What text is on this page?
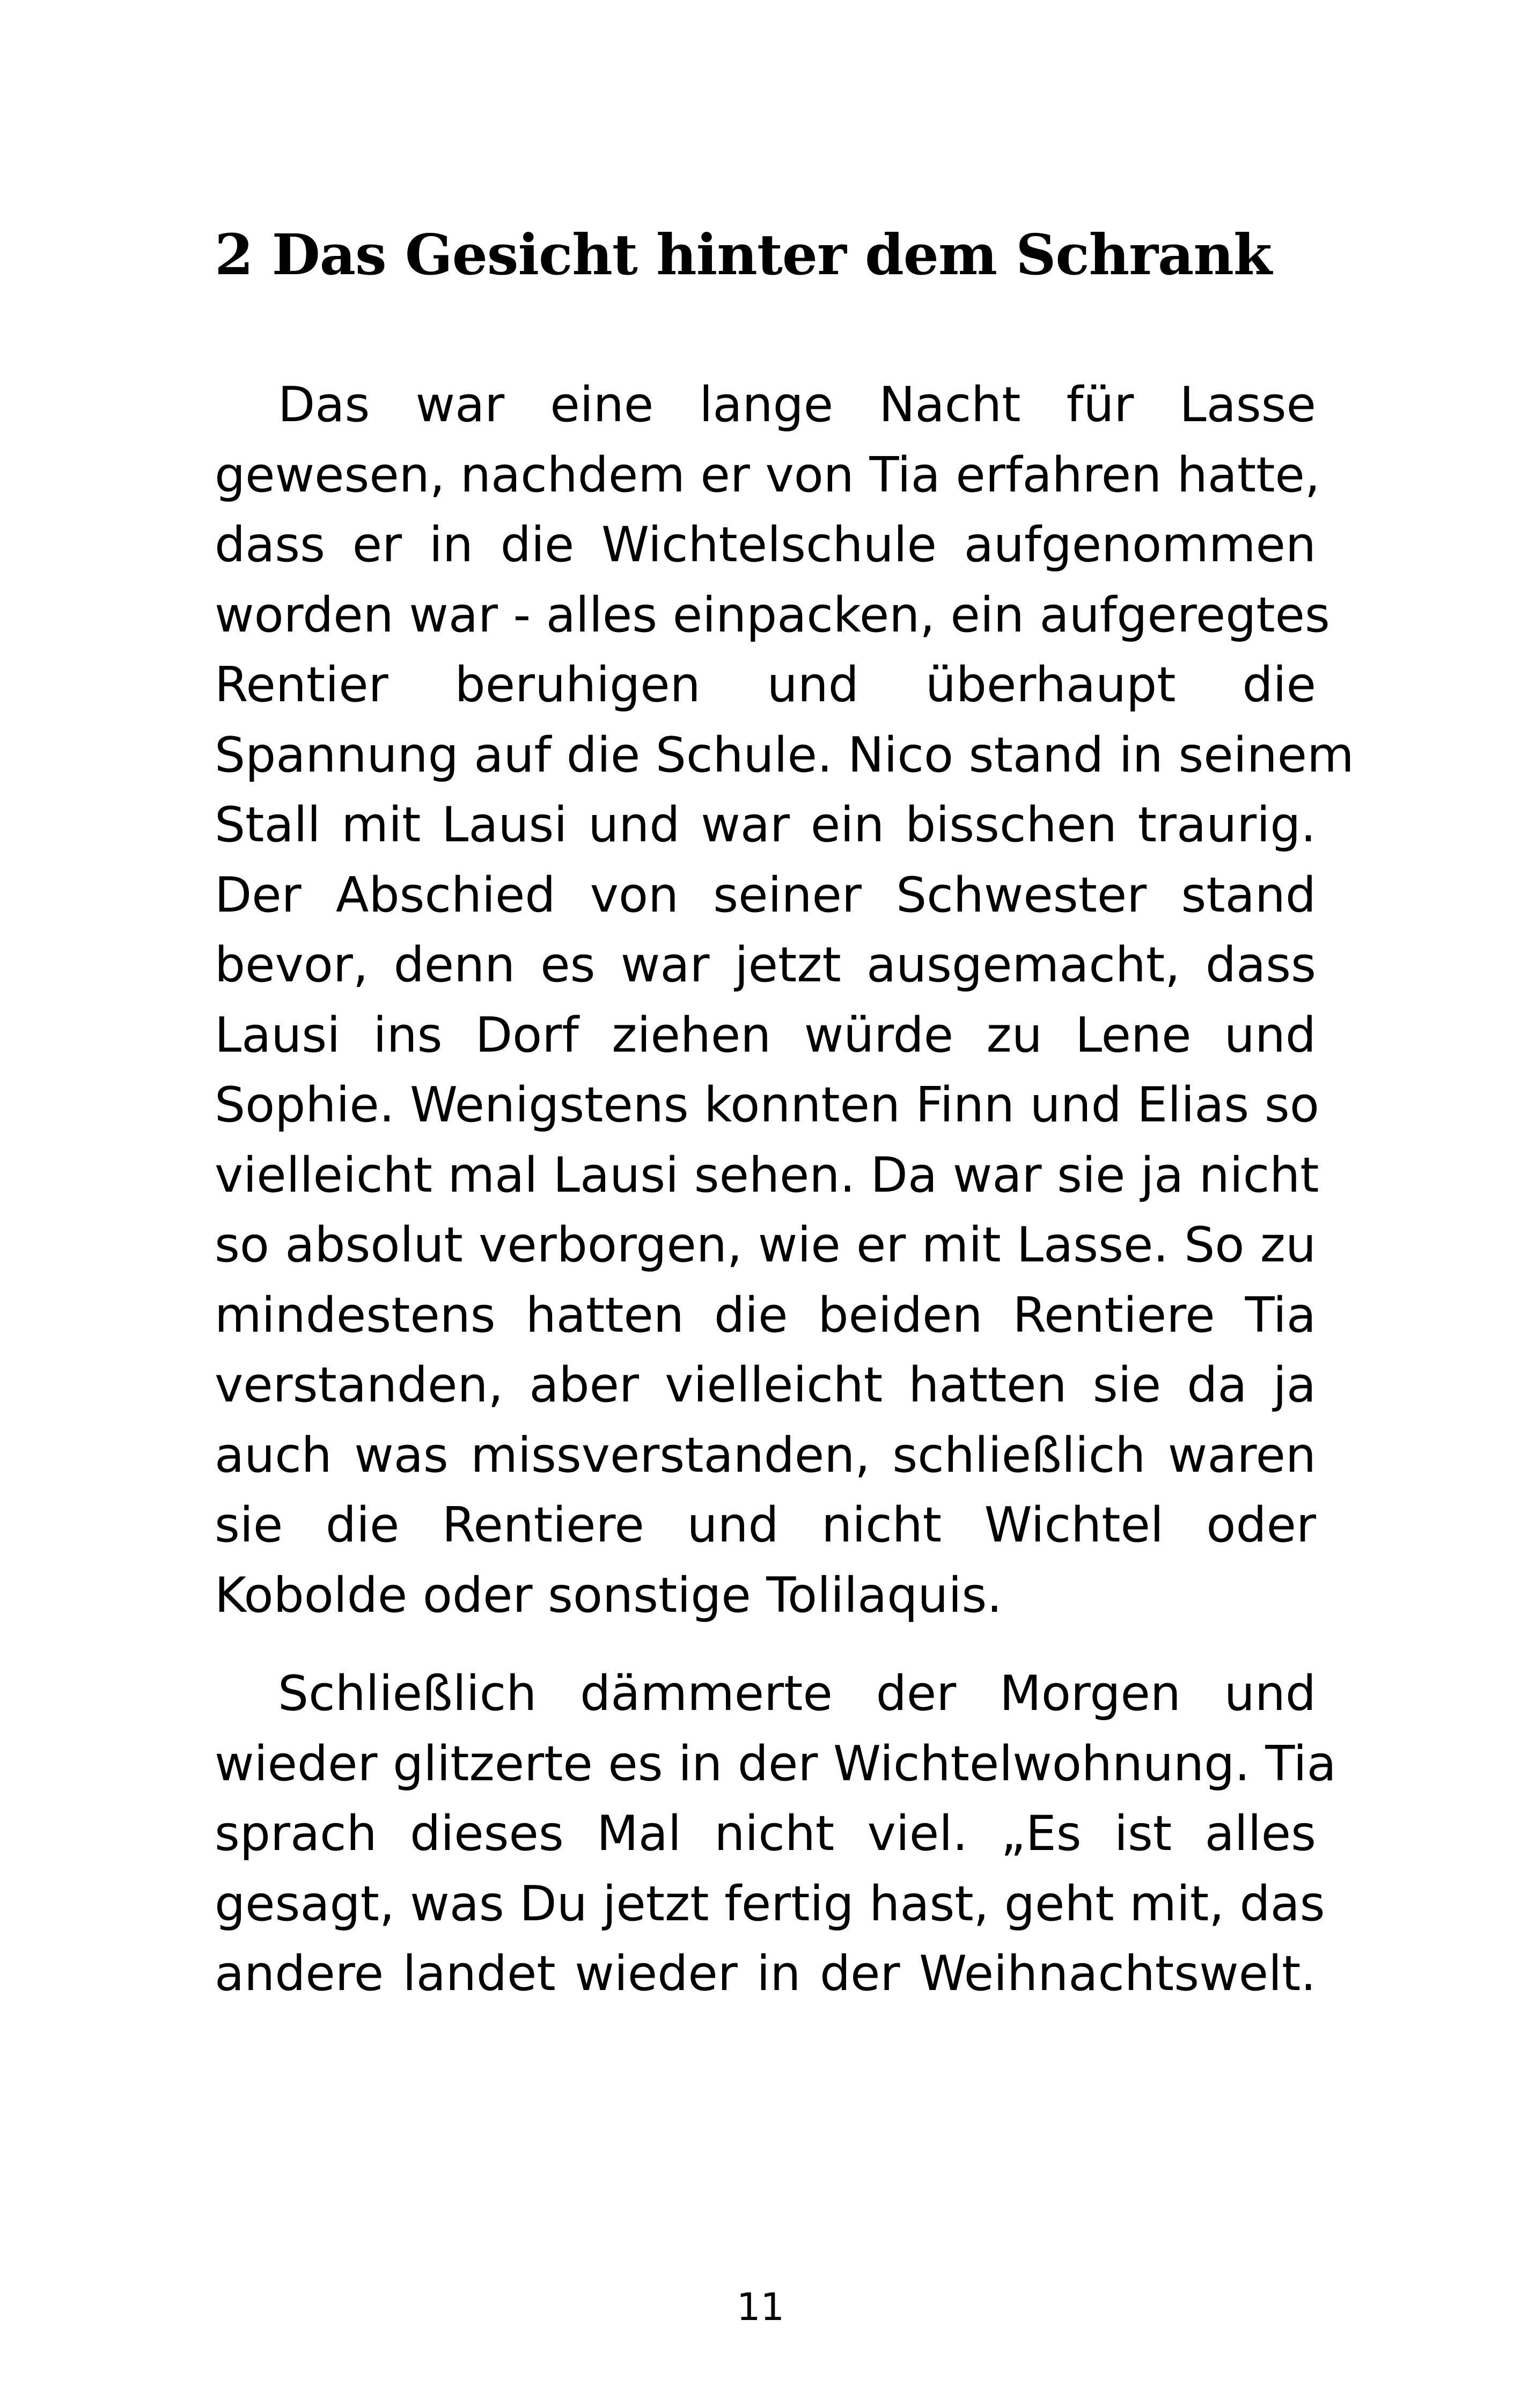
2 Das Gesicht hinter dem Schrank
Das war eine lange Nacht für Lasse
gewesen, nachdem er von Tia erfahren hatte,
dass er in die Wichtelschule aufgenommen
worden war - alles einpacken, ein aufgeregtes
Rentier beruhigen und überhaupt die
Spannung auf die Schule. Nico stand in seinem
Stall mit Lausi und war ein bisschen traurig.
Der Abschied von seiner Schwester stand
bevor, denn es war jetzt ausgemacht, dass
Lausi ins Dorf ziehen würde zu Lene und
Sophie. Wenigstens konnten Finn und Elias so
vielleicht mal Lausi sehen. Da war sie ja nicht
so absolut verborgen, wie er mit Lasse. So zu
mindestens hatten die beiden Rentiere Tia
verstanden, aber vielleicht hatten sie da ja
auch was missverstanden, schließlich waren
sie die Rentiere und nicht Wichtel oder
Kobolde oder sonstige Tolilaquis.
Schließlich dämmerte der Morgen und
wieder glitzerte es in der Wichtelwohnung. Tia
sprach dieses Mal nicht viel. „Es ist alles
gesagt, was Du jetzt fertig hast, geht mit, das
andere landet wieder in der Weihnachtswelt.
11
